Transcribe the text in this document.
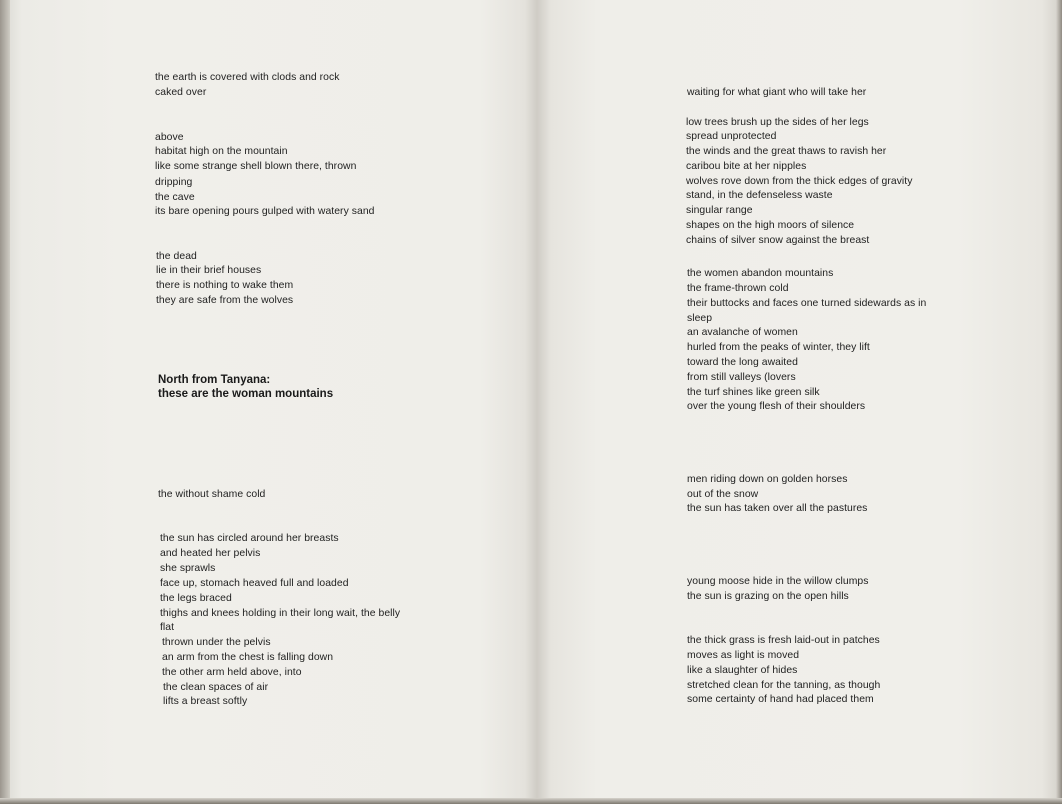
the earth is covered with clods and rock
caked over
above
habitat high on the mountain
like some strange shell blown there, thrown
dripping
the cave
its bare opening pours gulped with watery sand
the dead
lie in their brief houses
there is nothing to wake them
they are safe from the wolves
North from Tanyana:
these are the woman mountains
the without shame cold
the sun has circled around her breasts
and heated her pelvis
she sprawls
face up, stomach heaved full and loaded
the legs braced
thighs and knees holding in their long wait, the belly
flat
thrown under the pelvis
an arm from the chest is falling down
the other arm held above, into
the clean spaces of air
lifts a breast softly
waiting for what giant who will take her
low trees brush up the sides of her legs
spread unprotected
the winds and the great thaws to ravish her
caribou bite at her nipples
wolves rove down from the thick edges of gravity
stand, in the defenseless waste
singular range
shapes on the high moors of silence
chains of silver snow against the breast
the women abandon mountains
the frame-thrown cold
their buttocks and faces one turned sidewards as in
sleep
an avalanche of women
hurled from the peaks of winter, they lift
toward the long awaited
from still valleys (lovers
the turf shines like green silk
over the young flesh of their shoulders
men riding down on golden horses
out of the snow
the sun has taken over all the pastures
young moose hide in the willow clumps
the sun is grazing on the open hills
the thick grass is fresh laid-out in patches
moves as light is moved
like a slaughter of hides
stretched clean for the tanning, as though
some certainty of hand had placed them
